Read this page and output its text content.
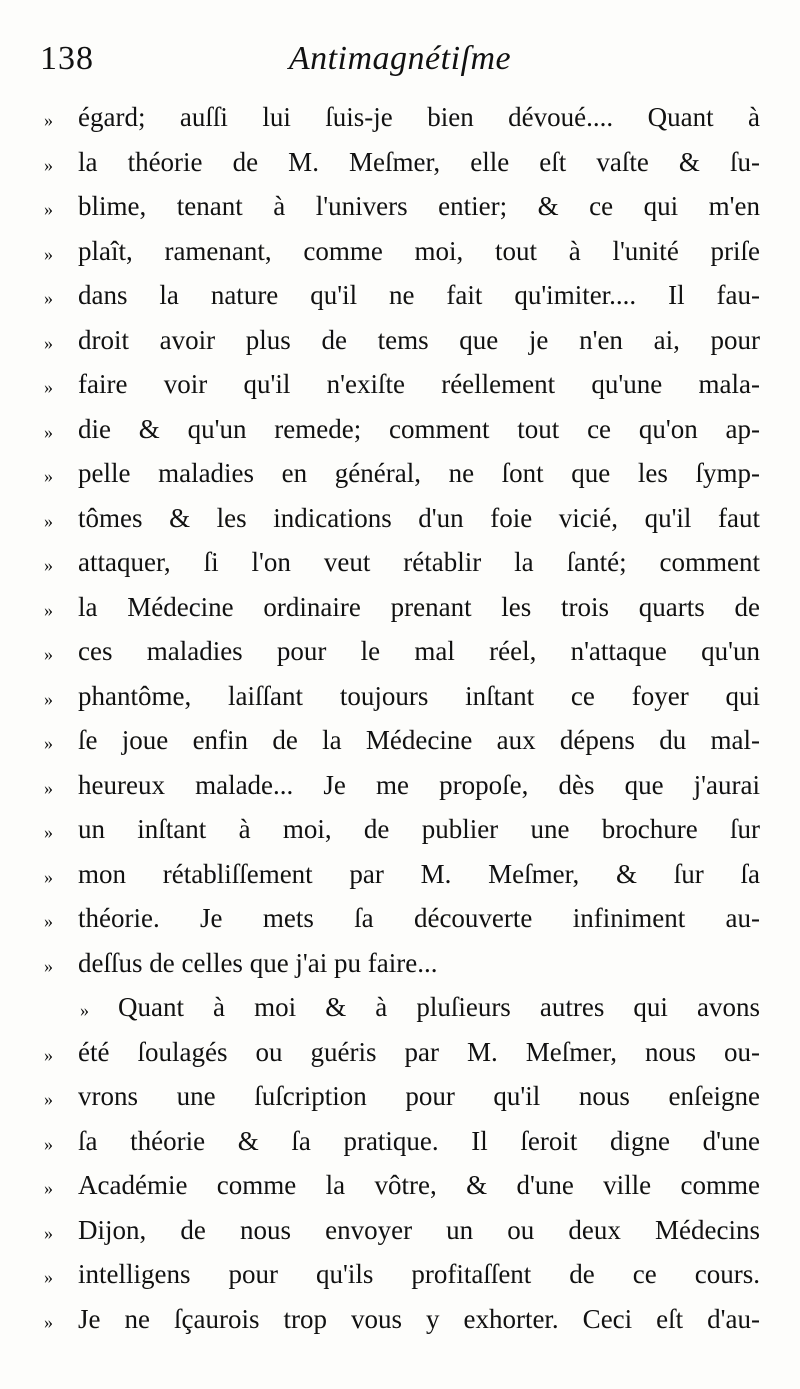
138	Antimagnétiſme
»	égard; auſſi lui ſuis-je bien dévoué.... Quant à
»	la théorie de M. Meſmer, elle eſt vaſte & ſu-
»	blime, tenant à l'univers entier; & ce qui m'en
»	plaît, ramenant, comme moi, tout à l'unité priſe
»	dans la nature qu'il ne fait qu'imiter.... Il fau-
»	droit avoir plus de tems que je n'en ai, pour
»	faire voir qu'il n'exiſte réellement qu'une mala-
»	die & qu'un remede; comment tout ce qu'on ap-
»	pelle maladies en général, ne ſont que les ſymp-
»	tômes & les indications d'un foie vicié, qu'il faut
»	attaquer, ſi l'on veut rétablir la ſanté; comment
»	la Médecine ordinaire prenant les trois quarts de
»	ces maladies pour le mal réel, n'attaque qu'un
»	phantôme, laiſſant toujours inſtant ce foyer qui
»	ſe joue enfin de la Médecine aux dépens du mal-
»	heureux malade... Je me propoſe, dès que j'aurai
»	un inſtant à moi, de publier une brochure ſur
»	mon rétabliſſement par M. Meſmer, & ſur ſa
»	théorie. Je mets ſa découverte infiniment au-
»	deſſus de celles que j'ai pu faire...
»	Quant à moi & à pluſieurs autres qui avons
»	été ſoulagés ou guéris par M. Meſmer, nous ou-
»	vrons une ſuſcription pour qu'il nous enſeigne
»	ſa théorie & ſa pratique. Il ſeroit digne d'une
»	Académie comme la vôtre, & d'une ville comme
»	Dijon, de nous envoyer un ou deux Médecins
»	intelligens pour qu'ils profitaſſent de ce cours.
»	Je ne ſçaurois trop vous y exhorter. Ceci eſt d'au-
